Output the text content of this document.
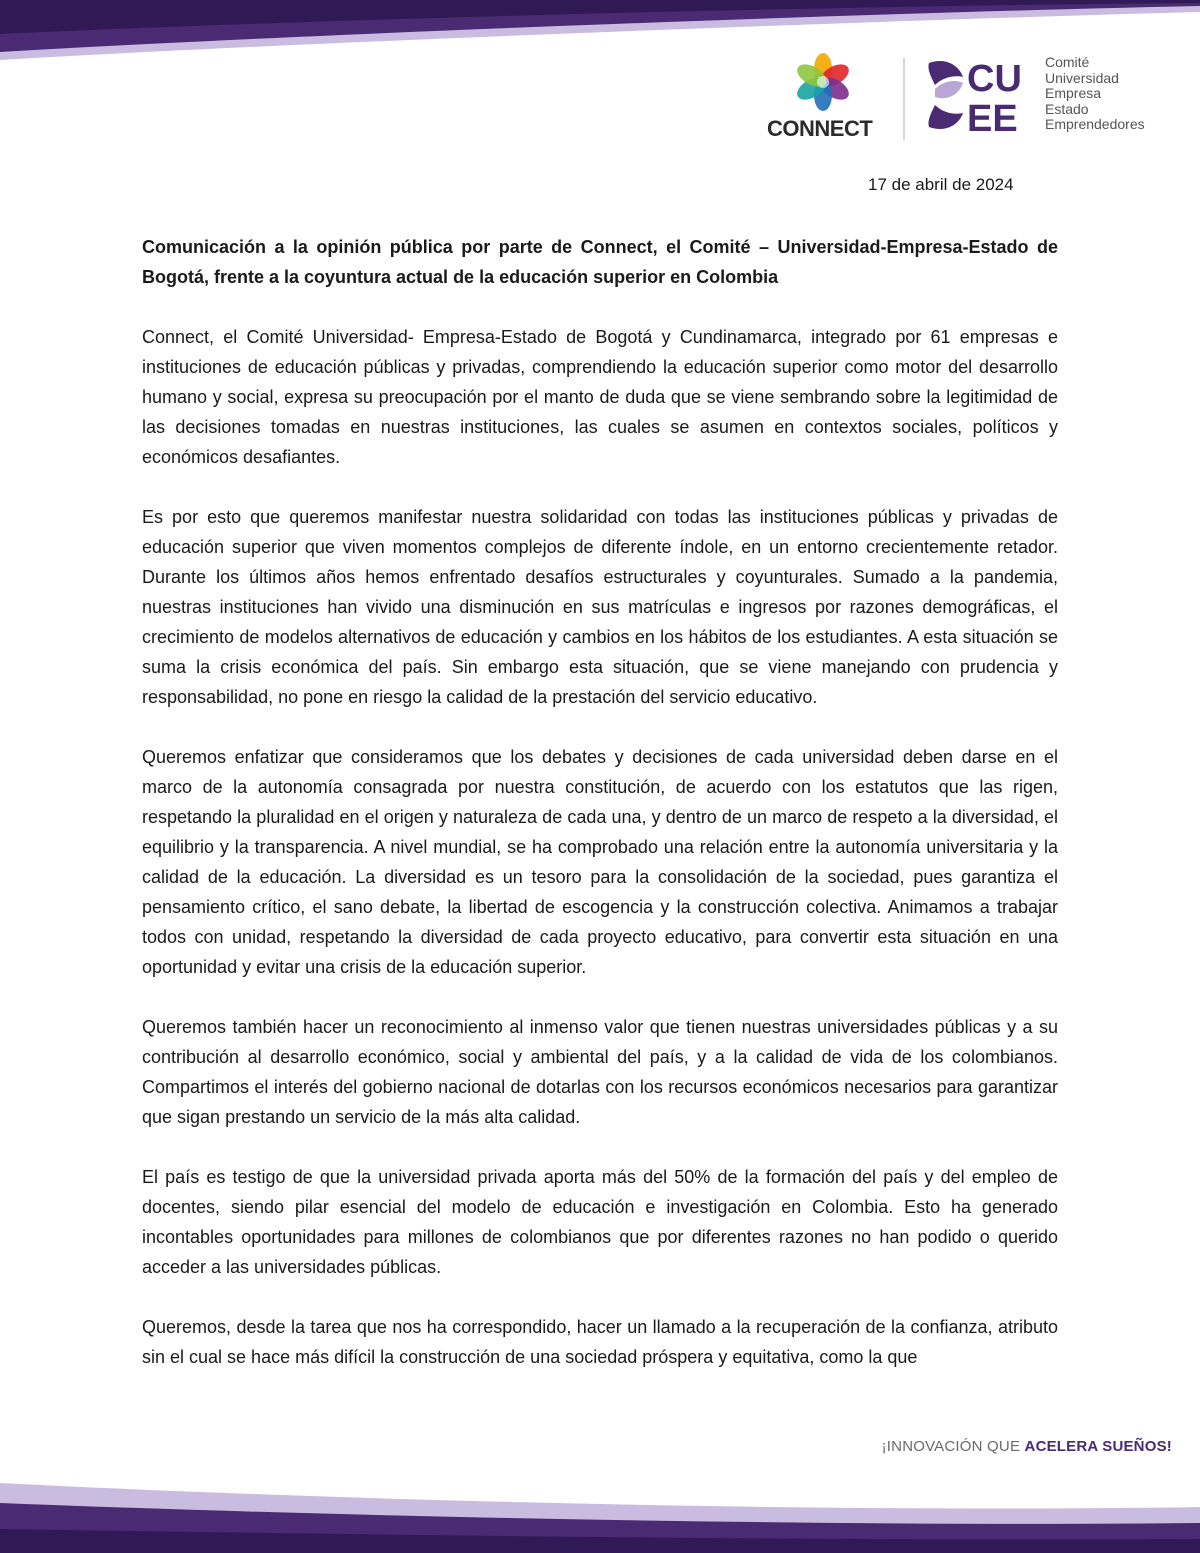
CONNECT
CU
EE
Comité
Universidad
Empresa
Estado
Emprendedores
17 de abril de 2024

Comunicación a la opinión pública por parte de Connect, el Comité – Universidad-Empresa-Estado de Bogotá, frente a la coyuntura actual de la educación superior en Colombia

Connect, el Comité Universidad- Empresa-Estado de Bogotá y Cundinamarca, integrado por 61 empresas e instituciones de educación públicas y privadas, comprendiendo la educación superior como motor del desarrollo humano y social, expresa su preocupación por el manto de duda que se viene sembrando sobre la legitimidad de las decisiones tomadas en nuestras instituciones, las cuales se asumen en contextos sociales, políticos y económicos desafiantes.

Es por esto que queremos manifestar nuestra solidaridad con todas las instituciones públicas y privadas de educación superior que viven momentos complejos de diferente índole, en un entorno crecientemente retador. Durante los últimos años hemos enfrentado desafíos estructurales y coyunturales. Sumado a la pandemia, nuestras instituciones han vivido una disminución en sus matrículas e ingresos por razones demográficas, el crecimiento de modelos alternativos de educación y cambios en los hábitos de los estudiantes. A esta situación se suma la crisis económica del país. Sin embargo esta situación, que se viene manejando con prudencia y responsabilidad, no pone en riesgo la calidad de la prestación del servicio educativo.

Queremos enfatizar que consideramos que los debates y decisiones de cada universidad deben darse en el marco de la autonomía consagrada por nuestra constitución, de acuerdo con los estatutos que las rigen, respetando la pluralidad en el origen y naturaleza de cada una, y dentro de un marco de respeto a la diversidad, el equilibrio y la transparencia. A nivel mundial, se ha comprobado una relación entre la autonomía universitaria y la calidad de la educación. La diversidad es un tesoro para la consolidación de la sociedad, pues garantiza el pensamiento crítico, el sano debate, la libertad de escogencia y la construcción colectiva. Animamos a trabajar todos con unidad, respetando la diversidad de cada proyecto educativo, para convertir esta situación en una oportunidad y evitar una crisis de la educación superior.

Queremos también hacer un reconocimiento al inmenso valor que tienen nuestras universidades públicas y a su contribución al desarrollo económico, social y ambiental del país, y a la calidad de vida de los colombianos. Compartimos el interés del gobierno nacional de dotarlas con los recursos económicos necesarios para garantizar que sigan prestando un servicio de la más alta calidad.

El país es testigo de que la universidad privada aporta más del 50% de la formación del país y del empleo de docentes, siendo pilar esencial del modelo de educación e investigación en Colombia. Esto ha generado incontables oportunidades para millones de colombianos que por diferentes razones no han podido o querido acceder a las universidades públicas.

Queremos, desde la tarea que nos ha correspondido, hacer un llamado a la recuperación de la confianza, atributo sin el cual se hace más difícil la construcción de una sociedad próspera y equitativa, como la que

¡INNOVACIÓN QUE ACELERA SUEÑOS!
